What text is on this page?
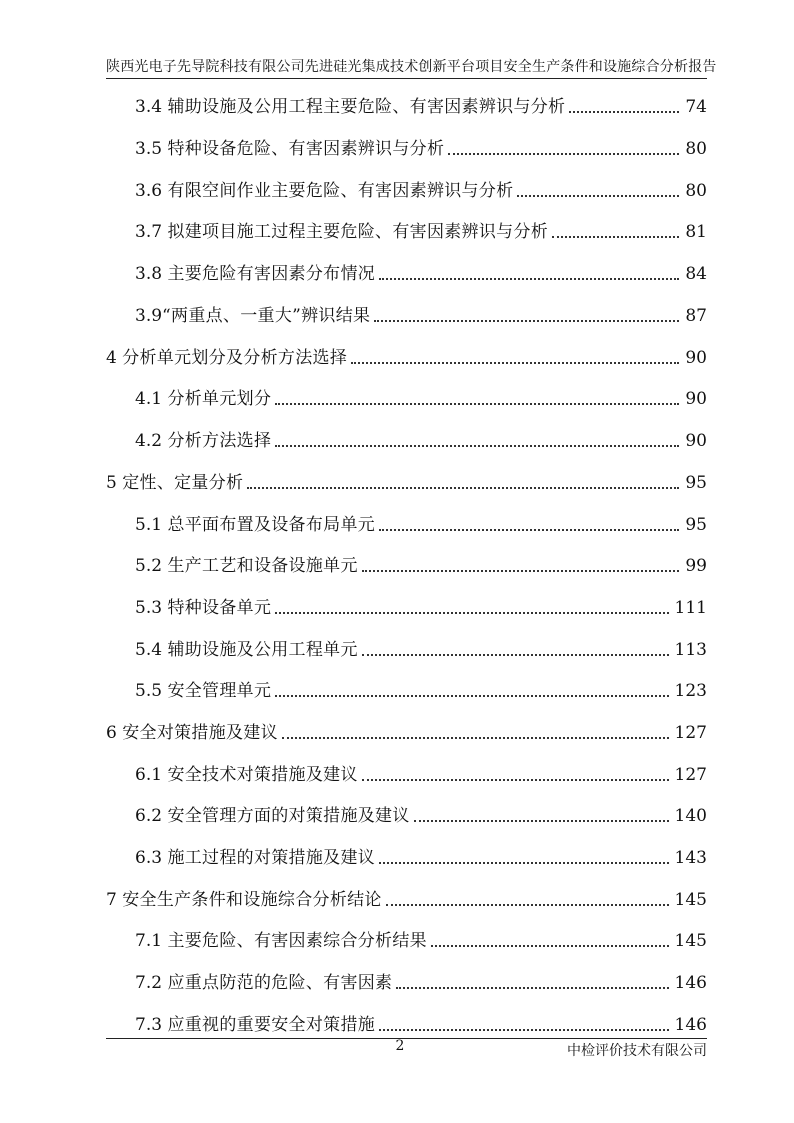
陕西光电子先导院科技有限公司先进硅光集成技术创新平台项目安全生产条件和设施综合分析报告
3.4 辅助设施及公用工程主要危险、有害因素辨识与分析	74
3.5 特种设备危险、有害因素辨识与分析	80
3.6 有限空间作业主要危险、有害因素辨识与分析	80
3.7 拟建项目施工过程主要危险、有害因素辨识与分析	81
3.8 主要危险有害因素分布情况	84
3.9 “两重点、一重大”辨识结果	87
4 分析单元划分及分析方法选择	90
4.1 分析单元划分	90
4.2 分析方法选择	90
5 定性、定量分析	95
5.1 总平面布置及设备布局单元	95
5.2 生产工艺和设备设施单元	99
5.3 特种设备单元	111
5.4 辅助设施及公用工程单元	113
5.5 安全管理单元	123
6 安全对策措施及建议	127
6.1 安全技术对策措施及建议	127
6.2 安全管理方面的对策措施及建议	140
6.3 施工过程的对策措施及建议	143
7 安全生产条件和设施综合分析结论	145
7.1 主要危险、有害因素综合分析结果	145
7.2 应重点防范的危险、有害因素	146
7.3 应重视的重要安全对策措施	146
2	中检评价技术有限公司
